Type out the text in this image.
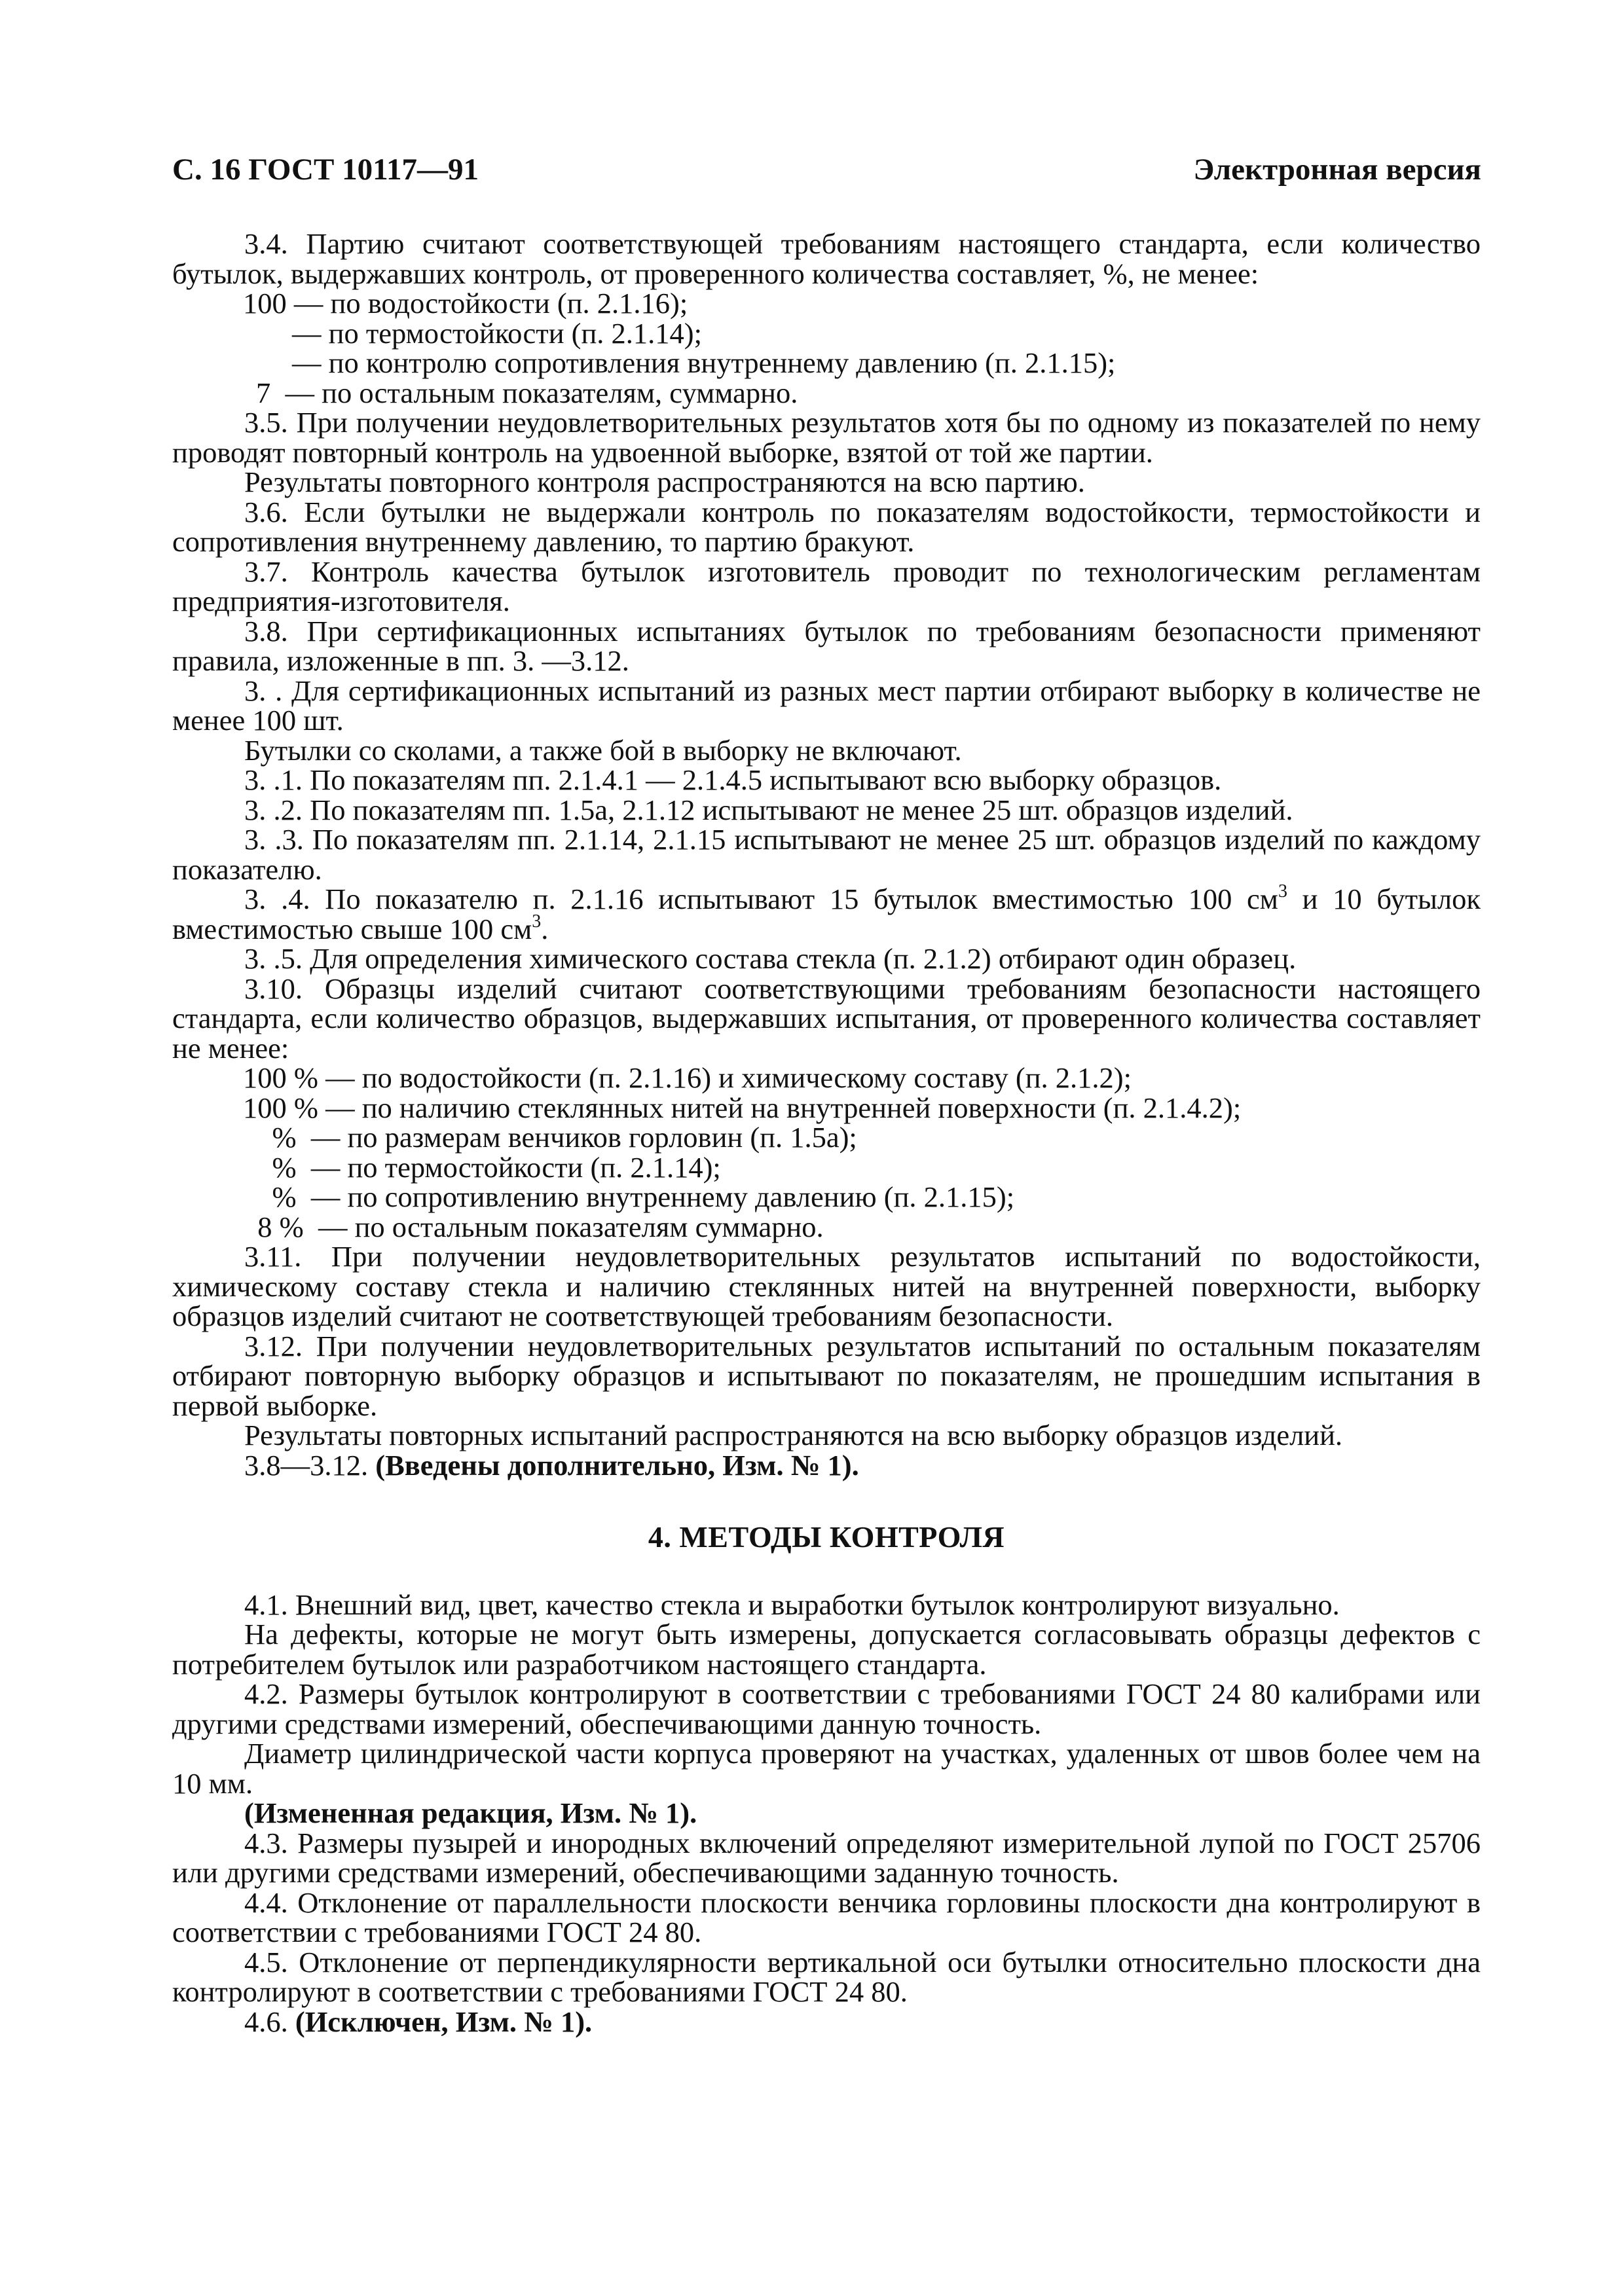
С. 16 ГОСТ 10117—91	Электронная версия

3.4. Партию считают соответствующей требованиям настоящего стандарта, если количество бутылок, выдержавших контроль, от проверенного количества составляет, %, не менее:

100 — по водостойкости (п. 2.1.16);
— по термостойкости (п. 2.1.14);
— по контролю сопротивления внутреннему давлению (п. 2.1.15);
7  — по остальным показателям, суммарно.

3.5. При получении неудовлетворительных результатов хотя бы по одному из показателей по нему проводят повторный контроль на удвоенной выборке, взятой от той же партии.

Результаты повторного контроля распространяются на всю партию.

3.6. Если бутылки не выдержали контроль по показателям водостойкости, термостойкости и сопротивления внутреннему давлению, то партию бракуют.

3.7. Контроль качества бутылок изготовитель проводит по технологическим регламентам предприятия-изготовителя.

3.8. При сертификационных испытаниях бутылок по требованиям безопасности применяют правила, изложенные в пп. 3. —3.12.

3. . Для сертификационных испытаний из разных мест партии отбирают выборку в количестве не менее 100 шт.

Бутылки со сколами, а также бой в выборку не включают.

3. .1. По показателям пп. 2.1.4.1 — 2.1.4.5 испытывают всю выборку образцов.

3. .2. По показателям пп. 1.5а, 2.1.12 испытывают не менее 25 шт. образцов изделий.

3. .3. По показателям пп. 2.1.14, 2.1.15 испытывают не менее 25 шт. образцов изделий по каждому показателю.

3. .4. По показателю п. 2.1.16 испытывают 15 бутылок вместимостью 100 $см^3$ и 10 бутылок вместимостью свыше 100 $см^3$.

3. .5. Для определения химического состава стекла (п. 2.1.2) отбирают один образец.

3.10. Образцы изделий считают соответствующими требованиям безопасности настоящего стандарта, если количество образцов, выдержавших испытания, от проверенного количества составляет не менее:

100 % — по водостойкости (п. 2.1.16) и химическому составу (п. 2.1.2);
100 % — по наличию стеклянных нитей на внутренней поверхности (п. 2.1.4.2);
%  — по размерам венчиков горловин (п. 1.5а);
%  — по термостойкости (п. 2.1.14);
%  — по сопротивлению внутреннему давлению (п. 2.1.15);
8 %  — по остальным показателям суммарно.

3.11. При получении неудовлетворительных результатов испытаний по водостойкости, химическому составу стекла и наличию стеклянных нитей на внутренней поверхности, выборку образцов изделий считают не соответствующей требованиям безопасности.

3.12. При получении неудовлетворительных результатов испытаний по остальным показателям отбирают повторную выборку образцов и испытывают по показателям, не прошедшим испытания в первой выборке.

Результаты повторных испытаний распространяются на всю выборку образцов изделий.

3.8—3.12. (Введены дополнительно, Изм. № 1).

4. МЕТОДЫ КОНТРОЛЯ

4.1. Внешний вид, цвет, качество стекла и выработки бутылок контролируют визуально.

На дефекты, которые не могут быть измерены, допускается согласовывать образцы дефектов с потребителем бутылок или разработчиком настоящего стандарта.

4.2. Размеры бутылок контролируют в соответствии с требованиями ГОСТ 24 80 калибрами или другими средствами измерений, обеспечивающими данную точность.

Диаметр цилиндрической части корпуса проверяют на участках, удаленных от швов более чем на 10 мм.

(Измененная редакция, Изм. № 1).

4.3. Размеры пузырей и инородных включений определяют измерительной лупой по ГОСТ 25706 или другими средствами измерений, обеспечивающими заданную точность.

4.4. Отклонение от параллельности плоскости венчика горловины плоскости дна контролируют в соответствии с требованиями ГОСТ 24 80.

4.5. Отклонение от перпендикулярности вертикальной оси бутылки относительно плоскости дна контролируют в соответствии с требованиями ГОСТ 24 80.

4.6. (Исключен, Изм. № 1).
